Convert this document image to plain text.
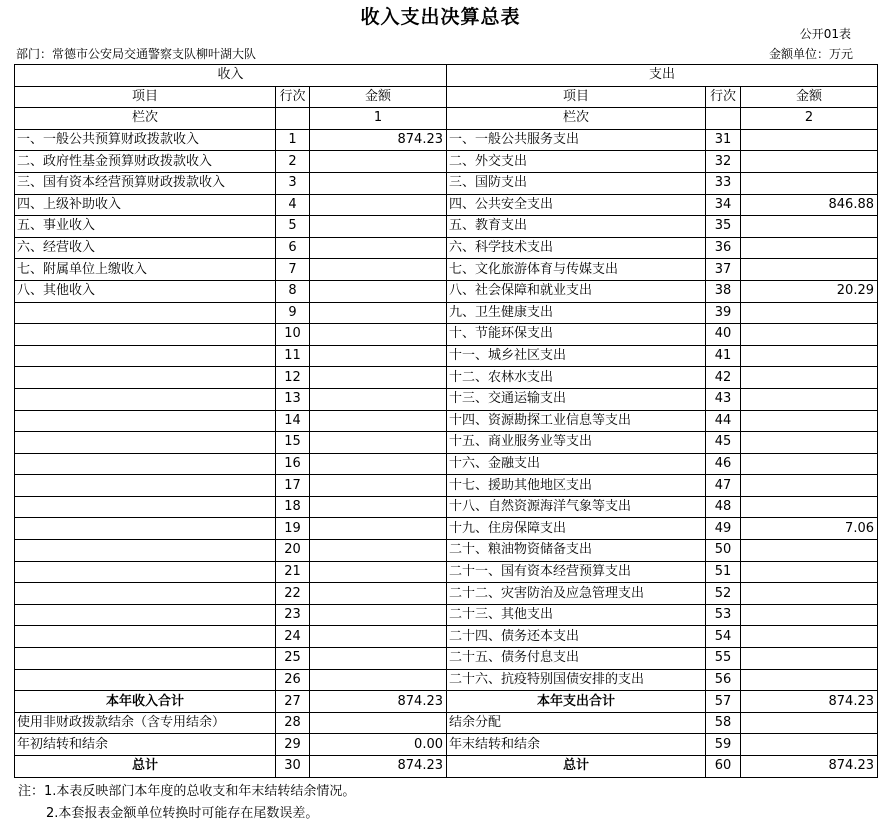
收入支出决算总表
公开01表
部门：常德市公安局交通警察支队柳叶湖大队	金额单位：万元
收入			支出		
项目	行次	金额	项目	行次	金额
栏次		1	栏次		2
一、一般公共预算财政拨款收入	1	874.23	一、一般公共服务支出	31	
二、政府性基金预算财政拨款收入	2		二、外交支出	32	
三、国有资本经营预算财政拨款收入	3		三、国防支出	33	
四、上级补助收入	4		四、公共安全支出	34	846.88
五、事业收入	5		五、教育支出	35	
六、经营收入	6		六、科学技术支出	36	
七、附属单位上缴收入	7		七、文化旅游体育与传媒支出	37	
八、其他收入	8		八、社会保障和就业支出	38	20.29
	9		九、卫生健康支出	39	
	10		十、节能环保支出	40	
	11		十一、城乡社区支出	41	
	12		十二、农林水支出	42	
	13		十三、交通运输支出	43	
	14		十四、资源勘探工业信息等支出	44	
	15		十五、商业服务业等支出	45	
	16		十六、金融支出	46	
	17		十七、援助其他地区支出	47	
	18		十八、自然资源海洋气象等支出	48	
	19		十九、住房保障支出	49	7.06
	20		二十、粮油物资储备支出	50	
	21		二十一、国有资本经营预算支出	51	
	22		二十二、灾害防治及应急管理支出	52	
	23		二十三、其他支出	53	
	24		二十四、债务还本支出	54	
	25		二十五、债务付息支出	55	
	26		二十六、抗疫特别国债安排的支出	56	
本年收入合计	27	874.23	本年支出合计	57	874.23
使用非财政拨款结余（含专用结余）	28		结余分配	58	
年初结转和结余	29	0.00	年末结转和结余	59	
总计	30	874.23	总计	60	874.23
注：1.本表反映部门本年度的总收支和年末结转结余情况。
2.本套报表金额单位转换时可能存在尾数误差。
